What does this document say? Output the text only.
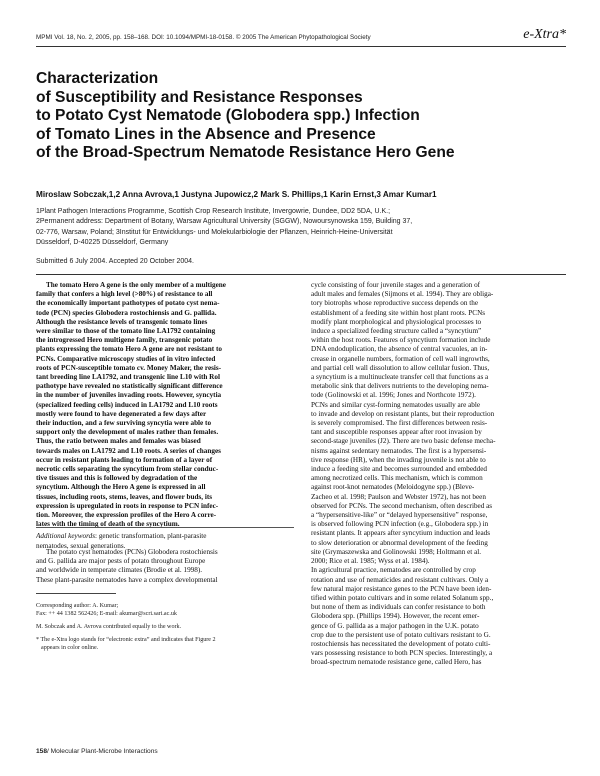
MPMI Vol. 18, No. 2, 2005, pp. 158–168. DOI: 10.1094/MPMI-18-0158. © 2005 The American Phytopathological Society	e-Xtra*
Characterization
of Susceptibility and Resistance Responses
to Potato Cyst Nematode (Globodera spp.) Infection
of Tomato Lines in the Absence and Presence
of the Broad-Spectrum Nematode Resistance Hero Gene
Miroslaw Sobczak,1,2 Anna Avrova,1 Justyna Jupowicz,2 Mark S. Phillips,1 Karin Ernst,3 Amar Kumar1
1Plant Pathogen Interactions Programme, Scottish Crop Research Institute, Invergowrie, Dundee, DD2 5DA, U.K.;
2Permanent address: Department of Botany, Warsaw Agricultural University (SGGW), Nowoursynowska 159, Building 37,
02-776, Warsaw, Poland; 3Institut für Entwicklungs- und Molekularbiologie der Pflanzen, Heinrich-Heine-Universität
Düsseldorf, D-40225 Düsseldorf, Germany
Submitted 6 July 2004. Accepted 20 October 2004.
The tomato Hero A gene is the only member of a multigene
family that confers a high level (>80%) of resistance to all
the economically important pathotypes of potato cyst nema-
tode (PCN) species Globodera rostochiensis and G. pallida.
Although the resistance levels of transgenic tomato lines
were similar to those of the tomato line LA1792 containing
the introgressed Hero multigene family, transgenic potato
plants expressing the tomato Hero A gene are not resistant to
PCNs. Comparative microscopy studies of in vitro infected
roots of PCN-susceptible tomato cv. Money Maker, the resis-
tant breeding line LA1792, and transgenic line L10 with Rol
pathotype have revealed no statistically significant difference
in the number of juveniles invading roots. However, syncytia
(specialized feeding cells) induced in LA1792 and L10 roots
mostly were found to have degenerated a few days after
their induction, and a few surviving syncytia were able to
support only the development of males rather than females.
Thus, the ratio between males and females was biased
towards males on LA1792 and L10 roots. A series of changes
occur in resistant plants leading to formation of a layer of
necrotic cells separating the syncytium from stellar conduc-
tive tissues and this is followed by degradation of the
syncytium. Although the Hero A gene is expressed in all
tissues, including roots, stems, leaves, and flower buds, its
expression is upregulated in roots in response to PCN infec-
tion. Moreover, the expression profiles of the Hero A corre-
lates with the timing of death of the syncytium.
Additional keywords: genetic transformation, plant-parasite
nematodes, sexual generations.
The potato cyst nematodes (PCNs) Globodera rostochiensis
and G. pallida are major pests of potato throughout Europe
and worldwide in temperate climates (Brodie et al. 1998).
These plant-parasite nematodes have a complex developmental
Corresponding author: A. Kumar;
Fax: ++ 44 1382 562426; E-mail: akumar@scri.sari.ac.uk
M. Sobczak and A. Avrova contributed equally to the work.
* The e-Xtra logo stands for “electronic extra” and indicates that Figure 2
appears in color online.
cycle consisting of four juvenile stages and a generation of
adult males and females (Sijmons et al. 1994). They are obliga-
tory biotrophs whose reproductive success depends on the
establishment of a feeding site within host plant roots. PCNs
modify plant morphological and physiological processes to
induce a specialized feeding structure called a “syncytium”
within the host roots. Features of syncytium formation include
DNA endoduplication, the absence of central vacuoles, an in-
crease in organelle numbers, formation of cell wall ingrowths,
and partial cell wall dissolution to allow cellular fusion. Thus,
a syncytium is a multinucleate transfer cell that functions as a
metabolic sink that delivers nutrients to the developing nema-
tode (Golinowski et al. 1996; Jones and Northcote 1972).
PCNs and similar cyst-forming nematodes usually are able
to invade and develop on resistant plants, but their reproduction
is severely compromised. The first differences between resis-
tant and susceptible responses appear after root invasion by
second-stage juveniles (J2). There are two basic defense mecha-
nisms against sedentary nematodes. The first is a hypersensi-
tive response (HR), when the invading juvenile is not able to
induce a feeding site and becomes surrounded and embedded
among necrotized cells. This mechanism, which is common
against root-knot nematodes (Meloidogyne spp.) (Bleve-
Zacheo et al. 1998; Paulson and Webster 1972), has not been
observed for PCNs. The second mechanism, often described as
a “hypersensitive-like” or “delayed hypersensitive” response,
is observed following PCN infection (e.g., Globodera spp.) in
resistant plants. It appears after syncytium induction and leads
to slow deterioration or abnormal development of the feeding
site (Grymaszewska and Golinowski 1998; Holtmann et al.
2000; Rice et al. 1985; Wyss et al. 1984).
In agricultural practice, nematodes are controlled by crop
rotation and use of nematicides and resistant cultivars. Only a
few natural major resistance genes to the PCN have been iden-
tified within potato cultivars and in some related Solanum spp.,
but none of them as individuals can confer resistance to both
Globodera spp. (Phillips 1994). However, the recent emer-
gence of G. pallida as a major pathogen in the U.K. potato
crop due to the persistent use of potato cultivars resistant to G.
rostochiensis has necessitated the development of potato culti-
vars possessing resistance to both PCN species. Interestingly, a
broad-spectrum nematode resistance gene, called Hero, has
158/ Molecular Plant-Microbe Interactions
